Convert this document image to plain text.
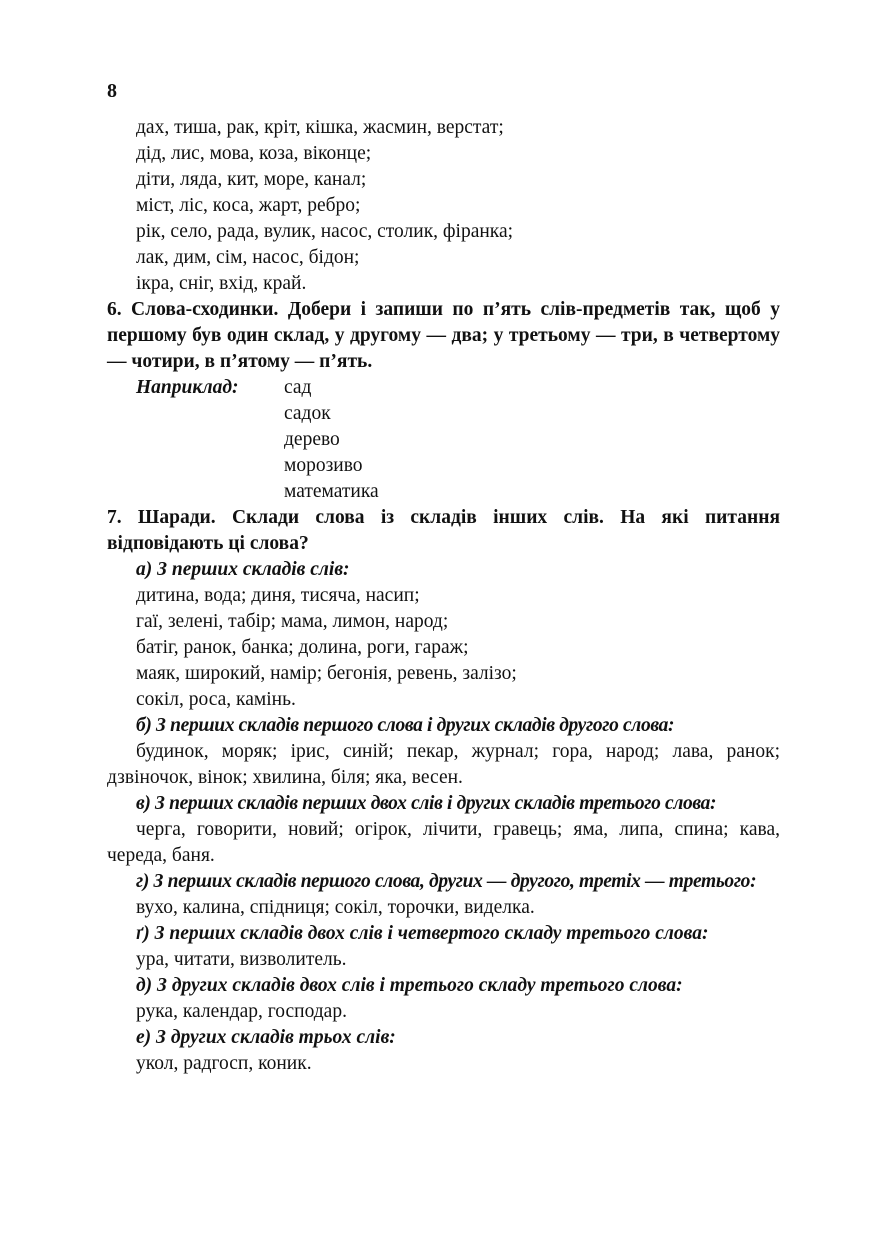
8

дах, тиша, рак, кріт, кішка, жасмин, верстат;

дід, лис, мова, коза, віконце;

діти, ляда, кит, море, канал;

міст, ліс, коса, жарт, ребро;

рік, село, рада, вулик, насос, столик, фіранка;

лак, дим, сім, насос, бідон;

ікра, сніг, вхід, край.

6. Слова-сходинки. Добери і запиши по п’ять слів-предметів так, щоб у першому був один склад, у другому — два; у третьому — три, в четвертому — чотири, в п’ятому — п’ять.

Наприклад:	сад
садок
дерево
морозиво
математика

7. Шаради. Склади слова із складів інших слів. На які питання відповідають ці слова?

а) З перших складів слів:

дитина, вода; диня, тисяча, насип;

гаї, зелені, табір; мама, лимон, народ;

батіг, ранок, банка; долина, роги, гараж;

маяк, широкий, намір; бегонія, ревень, залізо;

сокіл, роса, камінь.

б) З перших складів першого слова і других складів другого слова:

будинок, моряк; ірис, синій; пекар, журнал; гора, народ; лава, ранок;

дзвіночок, вінок; хвилина, біля; яка, весен.

в) З перших складів перших двох слів і других складів третього слова:

черга, говорити, новий; огірок, лічити, гравець; яма, липа, спина; кава,

череда, баня.

г) З перших складів першого слова, других — другого, третіх — третього:

вухо, калина, спідниця; сокіл, торочки, виделка.

ґ) З перших складів двох слів і четвертого складу третього слова:

ура, читати, визволитель.

д) З других складів двох слів і третього складу третього слова:

рука, календар, господар.

е) З других складів трьох слів:

укол, радгосп, коник.
